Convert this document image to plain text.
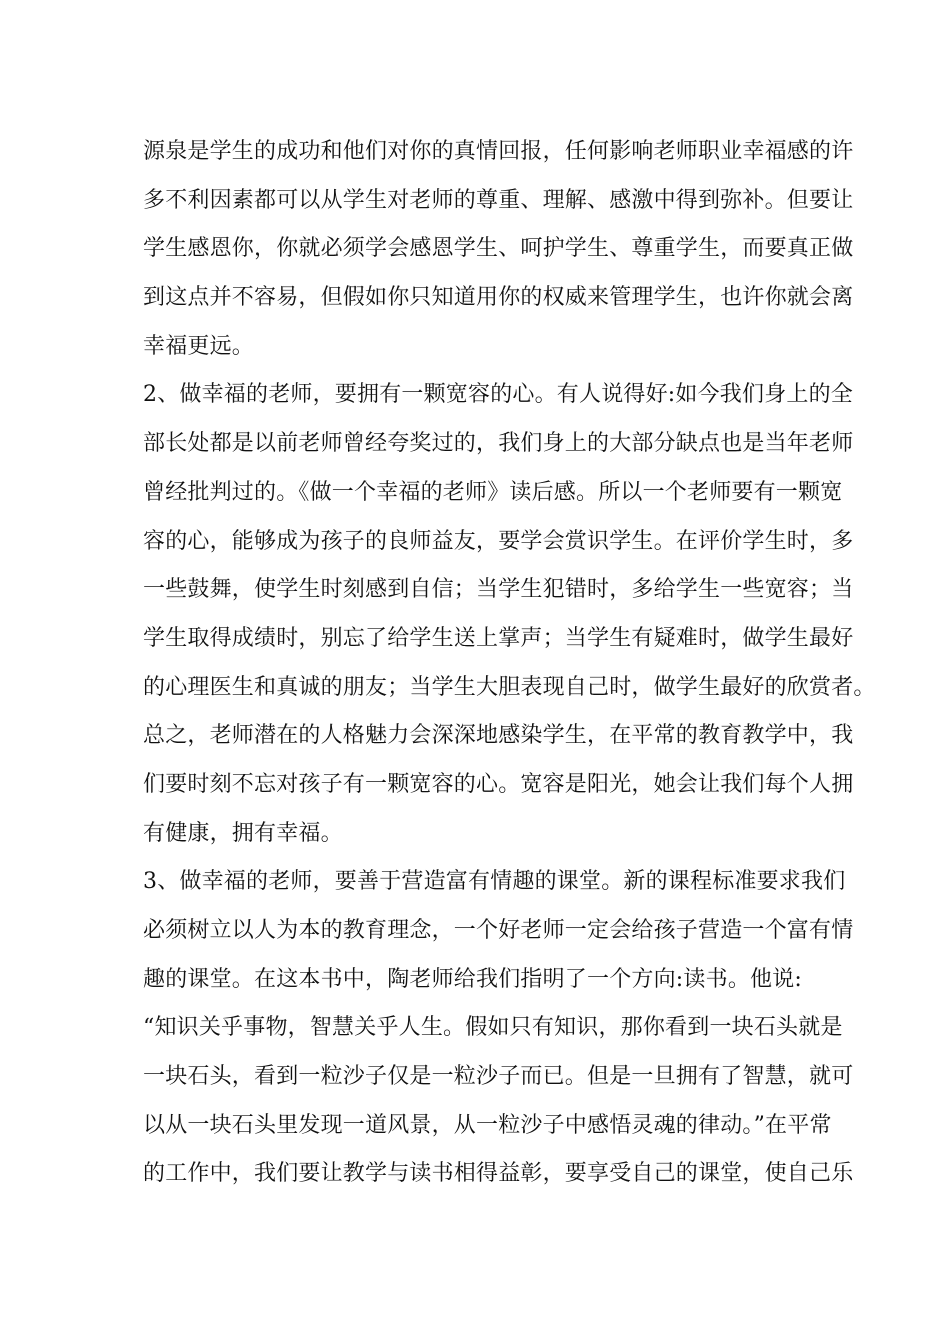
源泉是学生的成功和他们对你的真情回报，任何影响老师职业幸福感的许
多不利因素都可以从学生对老师的尊重、理解、感激中得到弥补。但要让
学生感恩你，你就必须学会感恩学生、呵护学生、尊重学生，而要真正做
到这点并不容易，但假如你只知道用你的权威来管理学生，也许你就会离
幸福更远。
2、做幸福的老师，要拥有一颗宽容的心。有人说得好:如今我们身上的全
部长处都是以前老师曾经夸奖过的，我们身上的大部分缺点也是当年老师
曾经批判过的。《做一个幸福的老师》读后感。所以一个老师要有一颗宽
容的心，能够成为孩子的良师益友，要学会赏识学生。在评价学生时，多
一些鼓舞，使学生时刻感到自信；当学生犯错时，多给学生一些宽容；当
学生取得成绩时，别忘了给学生送上掌声；当学生有疑难时，做学生最好
的心理医生和真诚的朋友；当学生大胆表现自己时，做学生最好的欣赏者。
总之，老师潜在的人格魅力会深深地感染学生，在平常的教育教学中，我
们要时刻不忘对孩子有一颗宽容的心。宽容是阳光，她会让我们每个人拥
有健康，拥有幸福。
3、做幸福的老师，要善于营造富有情趣的课堂。新的课程标准要求我们
必须树立以人为本的教育理念，一个好老师一定会给孩子营造一个富有情
趣的课堂。在这本书中，陶老师给我们指明了一个方向:读书。他说:
“知识关乎事物，智慧关乎人生。假如只有知识，那你看到一块石头就是
一块石头，看到一粒沙子仅是一粒沙子而已。但是一旦拥有了智慧，就可
以从一块石头里发现一道风景，从一粒沙子中感悟灵魂的律动。”在平常
的工作中，我们要让教学与读书相得益彰，要享受自己的课堂，使自己乐
